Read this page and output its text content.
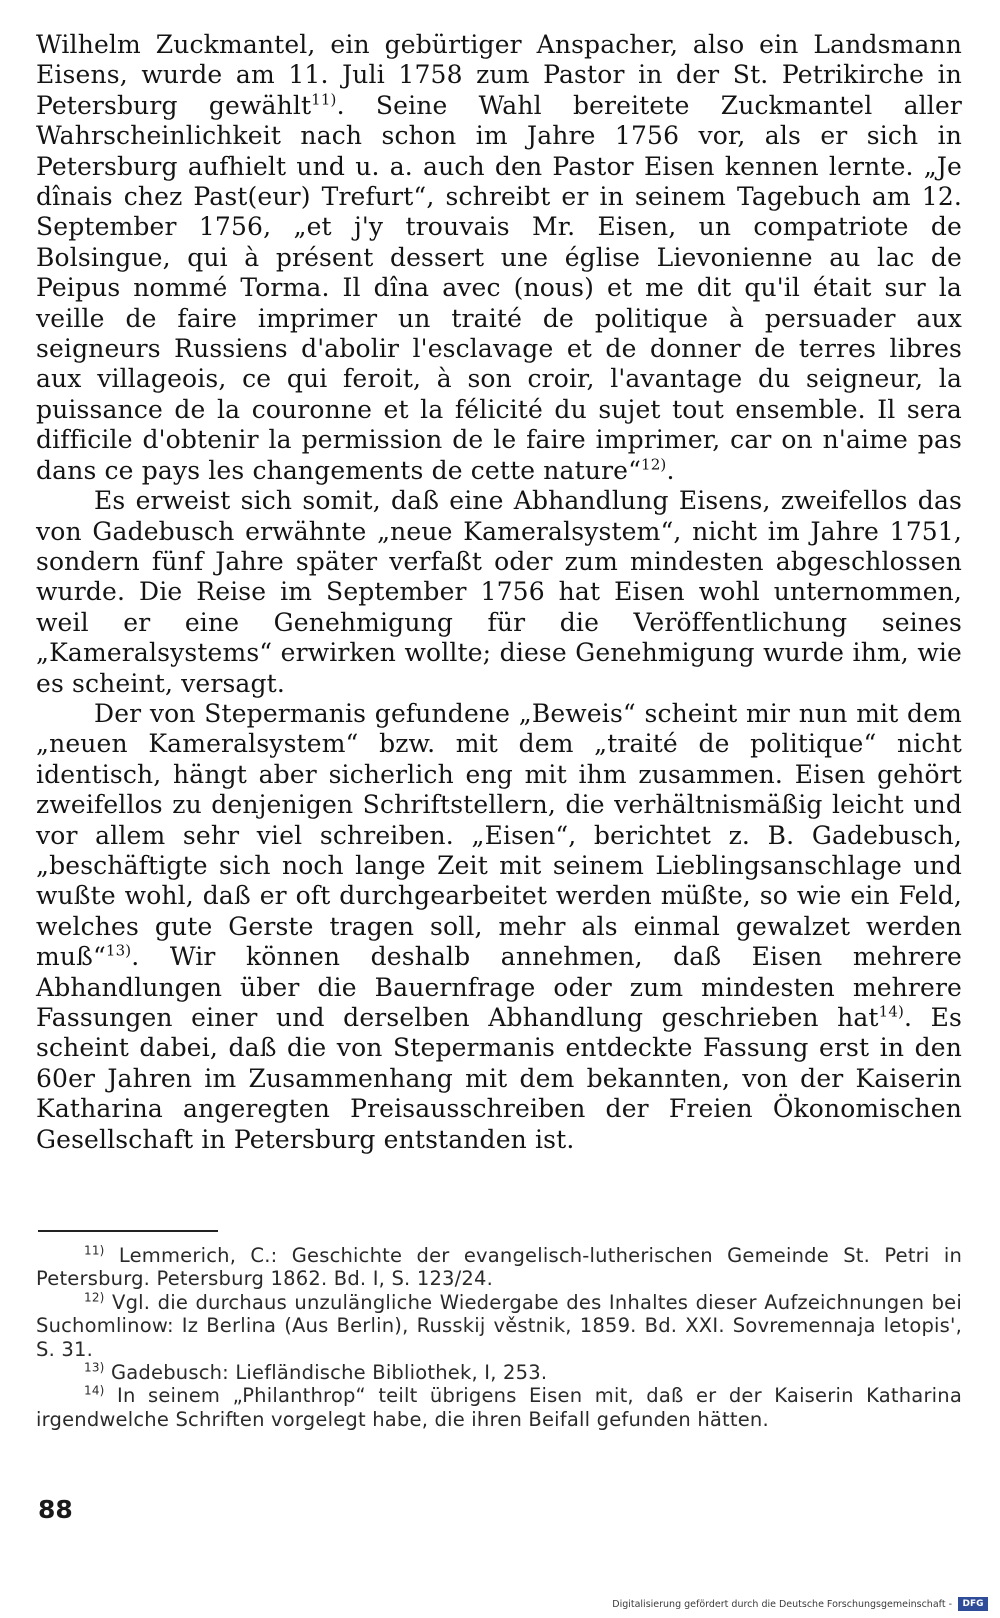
Wilhelm Zuckmantel, ein gebürtiger Anspacher, also ein Landsmann Eisens, wurde am 11. Juli 1758 zum Pastor in der St. Petrikirche in Petersburg gewählt$^{11)}$. Seine Wahl bereitete Zuckmantel aller Wahrscheinlichkeit nach schon im Jahre 1756 vor, als er sich in Petersburg aufhielt und u. a. auch den Pastor Eisen kennen lernte. „Je dînais chez Past(eur) Trefurt“, schreibt er in seinem Tagebuch am 12. September 1756, „et j'y trouvais Mr. Eisen, un compatriote de Bolsingue, qui à présent dessert une église Lievonienne au lac de Peipus nommé Torma. Il dîna avec (nous) et me dit qu'il était sur la veille de faire imprimer un traité de politique à persuader aux seigneurs Russiens d'abolir l'esclavage et de donner de terres libres aux villageois, ce qui feroit, à son croir, l'avantage du seigneur, la puissance de la couronne et la félicité du sujet tout ensemble. Il sera difficile d'obtenir la permission de le faire imprimer, car on n'aime pas dans ce pays les changements de cette nature“$^{12)}$.

Es erweist sich somit, daß eine Abhandlung Eisens, zweifellos das von Gadebusch erwähnte „neue Kameralsystem“, nicht im Jahre 1751, sondern fünf Jahre später verfaßt oder zum mindesten abgeschlossen wurde. Die Reise im September 1756 hat Eisen wohl unternommen, weil er eine Genehmigung für die Veröffentlichung seines „Kameralsystems“ erwirken wollte; diese Genehmigung wurde ihm, wie es scheint, versagt.

Der von Stepermanis gefundene „Beweis“ scheint mir nun mit dem „neuen Kameralsystem“ bzw. mit dem „traité de politique“ nicht identisch, hängt aber sicherlich eng mit ihm zusammen. Eisen gehört zweifellos zu denjenigen Schriftstellern, die verhältnismäßig leicht und vor allem sehr viel schreiben. „Eisen“, berichtet z. B. Gadebusch, „beschäftigte sich noch lange Zeit mit seinem Lieblingsanschlage und wußte wohl, daß er oft durchgearbeitet werden müßte, so wie ein Feld, welches gute Gerste tragen soll, mehr als einmal gewalzet werden muß“$^{13)}$. Wir können deshalb annehmen, daß Eisen mehrere Abhandlungen über die Bauernfrage oder zum mindesten mehrere Fassungen einer und derselben Abhandlung geschrieben hat$^{14)}$. Es scheint dabei, daß die von Stepermanis entdeckte Fassung erst in den 60er Jahren im Zusammenhang mit dem bekannten, von der Kaiserin Katharina angeregten Preisausschreiben der Freien Ökonomischen Gesellschaft in Petersburg entstanden ist.

$^{11)}$ Lemmerich, C.: Geschichte der evangelisch-lutherischen Gemeinde St. Petri in Petersburg. Petersburg 1862. Bd. I, S. 123/24.

$^{12)}$ Vgl. die durchaus unzulängliche Wiedergabe des Inhaltes dieser Aufzeichnungen bei Suchomlinow: Iz Berlina (Aus Berlin), Russkij věstnik, 1859. Bd. XXI. Sovremennaja letopis', S. 31.

$^{13)}$ Gadebusch: Liefländische Bibliothek, I, 253.

$^{14)}$ In seinem „Philanthrop“ teilt übrigens Eisen mit, daß er der Kaiserin Katharina irgendwelche Schriften vorgelegt habe, die ihren Beifall gefunden hätten.

88
Digitalisierung gefördert durch die Deutsche Forschungsgemeinschaft -	DFG
